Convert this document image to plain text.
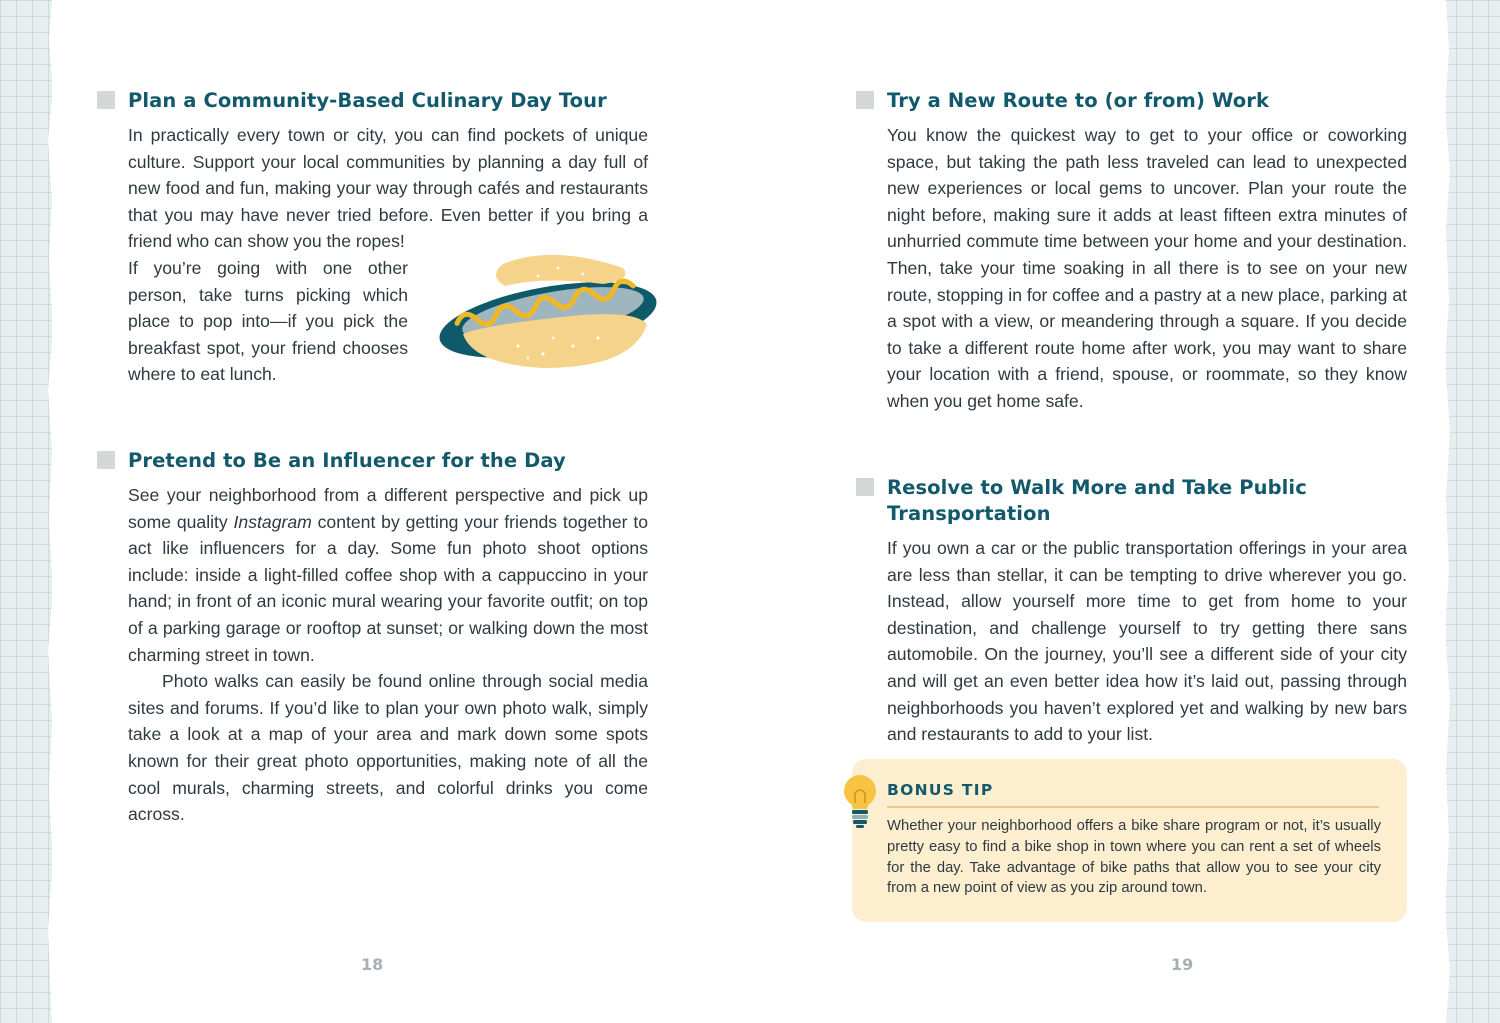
Plan a Community-Based Culinary Day Tour

In practically every town or city, you can find pockets of unique culture. Support your local communities by planning a day full of new food and fun, making your way through cafés and restaurants that you may have never tried before. Even better if you bring a friend who can show you the ropes!

If you’re going with one other person, take turns picking which place to pop into—if you pick the breakfast spot, your friend chooses where to eat lunch.

Pretend to Be an Influencer for the Day

See your neighborhood from a different perspective and pick up some quality Instagram content by getting your friends together to act like influencers for a day. Some fun photo shoot options include: inside a light-filled coffee shop with a cappuccino in your hand; in front of an iconic mural wearing your favorite outfit; on top of a parking garage or rooftop at sunset; or walking down the most charming street in town.

Photo walks can easily be found online through social media sites and forums. If you’d like to plan your own photo walk, simply take a look at a map of your area and mark down some spots known for their great photo opportunities, making note of all the cool murals, charming streets, and colorful drinks you come across.

18

Try a New Route to (or from) Work

You know the quickest way to get to your office or coworking space, but taking the path less traveled can lead to unexpected new experiences or local gems to uncover. Plan your route the night before, making sure it adds at least fifteen extra minutes of unhurried commute time between your home and your destination. Then, take your time soaking in all there is to see on your new route, stopping in for coffee and a pastry at a new place, parking at a spot with a view, or meandering through a square. If you decide to take a different route home after work, you may want to share your location with a friend, spouse, or roommate, so they know when you get home safe.

Resolve to Walk More and Take Public Transportation

If you own a car or the public transportation offerings in your area are less than stellar, it can be tempting to drive wherever you go. Instead, allow yourself more time to get from home to your destination, and challenge yourself to try getting there sans automobile. On the journey, you’ll see a different side of your city and will get an even better idea how it’s laid out, passing through neighborhoods you haven’t explored yet and walking by new bars and restaurants to add to your list.

BONUS TIP

Whether your neighborhood offers a bike share program or not, it’s usually pretty easy to find a bike shop in town where you can rent a set of wheels for the day. Take advantage of bike paths that allow you to see your city from a new point of view as you zip around town.

19
